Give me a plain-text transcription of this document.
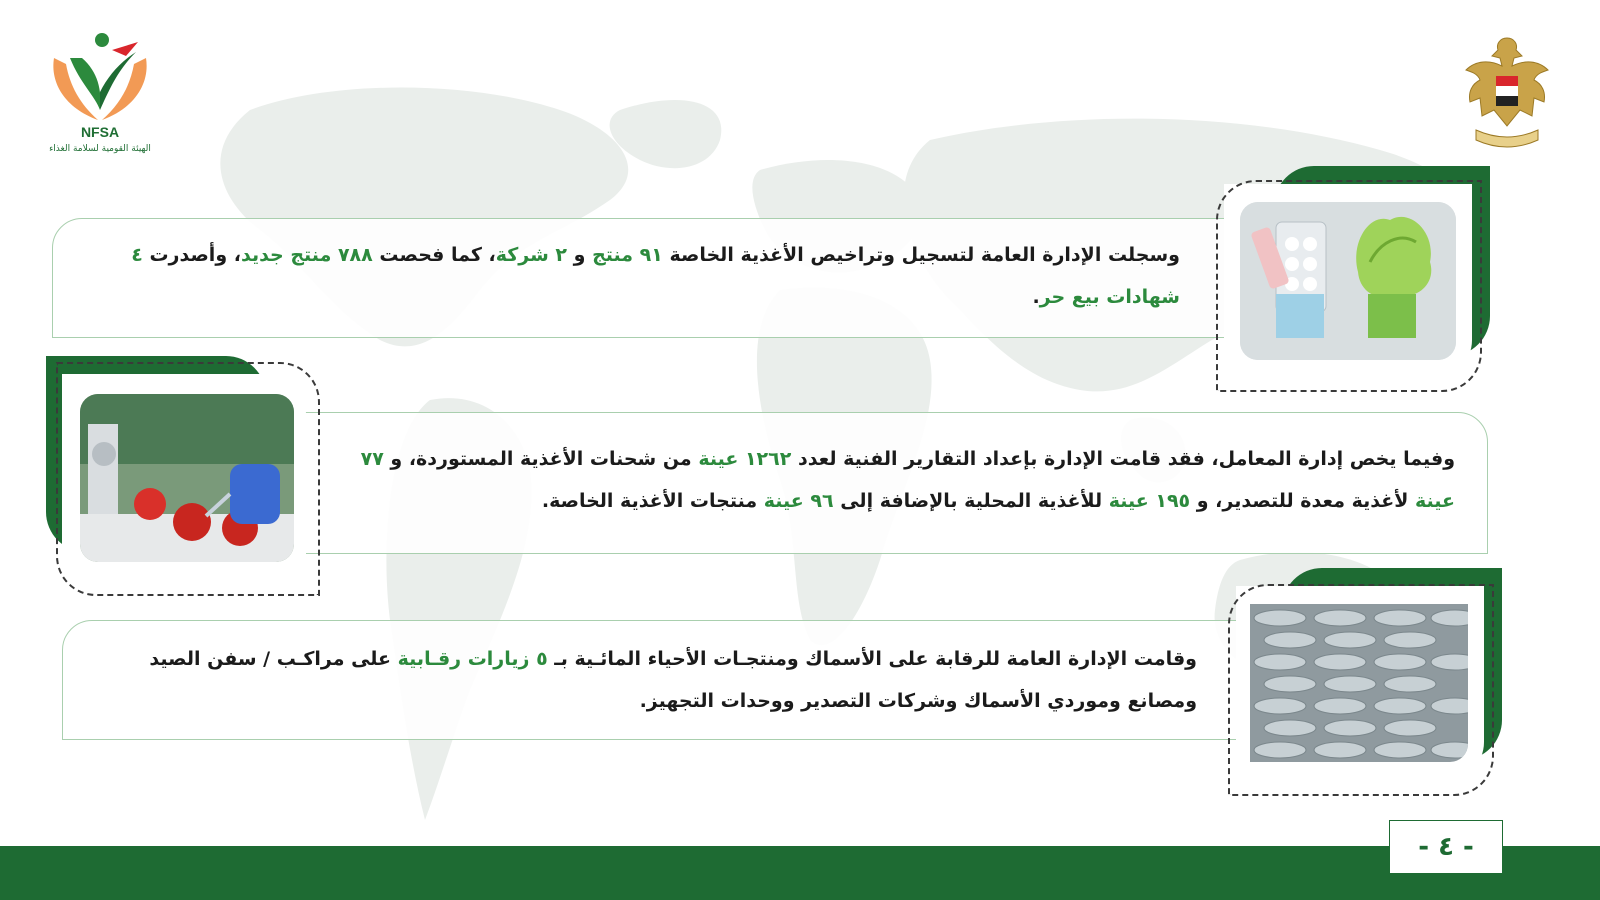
NFSA
الهيئة القومية لسلامة الغذاء
وسجلت الإدارة العامة لتسجيل وتراخيص الأغذية الخاصة ٩١ منتج و ٢ شركة، كما فحصت ٧٨٨ منتج جديد، وأصدرت ٤ شهادات بيع حر.
وفيما يخص إدارة المعامل، فقد قامت الإدارة بإعداد التقارير الفنية لعدد ١٢٦٢ عينة من شحنات الأغذية المستوردة، و ٧٧ عينة لأغذية معدة للتصدير، و ١٩٥ عينة للأغذية المحلية بالإضافة إلى ٩٦ عينة منتجات الأغذية الخاصة.
وقامت الإدارة العامة للرقابة على الأسماك ومنتجـات الأحياء المائـية بـ ٥ زيارات رقـابية على مراكـب / سفن الصيد ومصانع وموردي الأسماك وشركات التصدير ووحدات التجهيز.
- ٤ -
